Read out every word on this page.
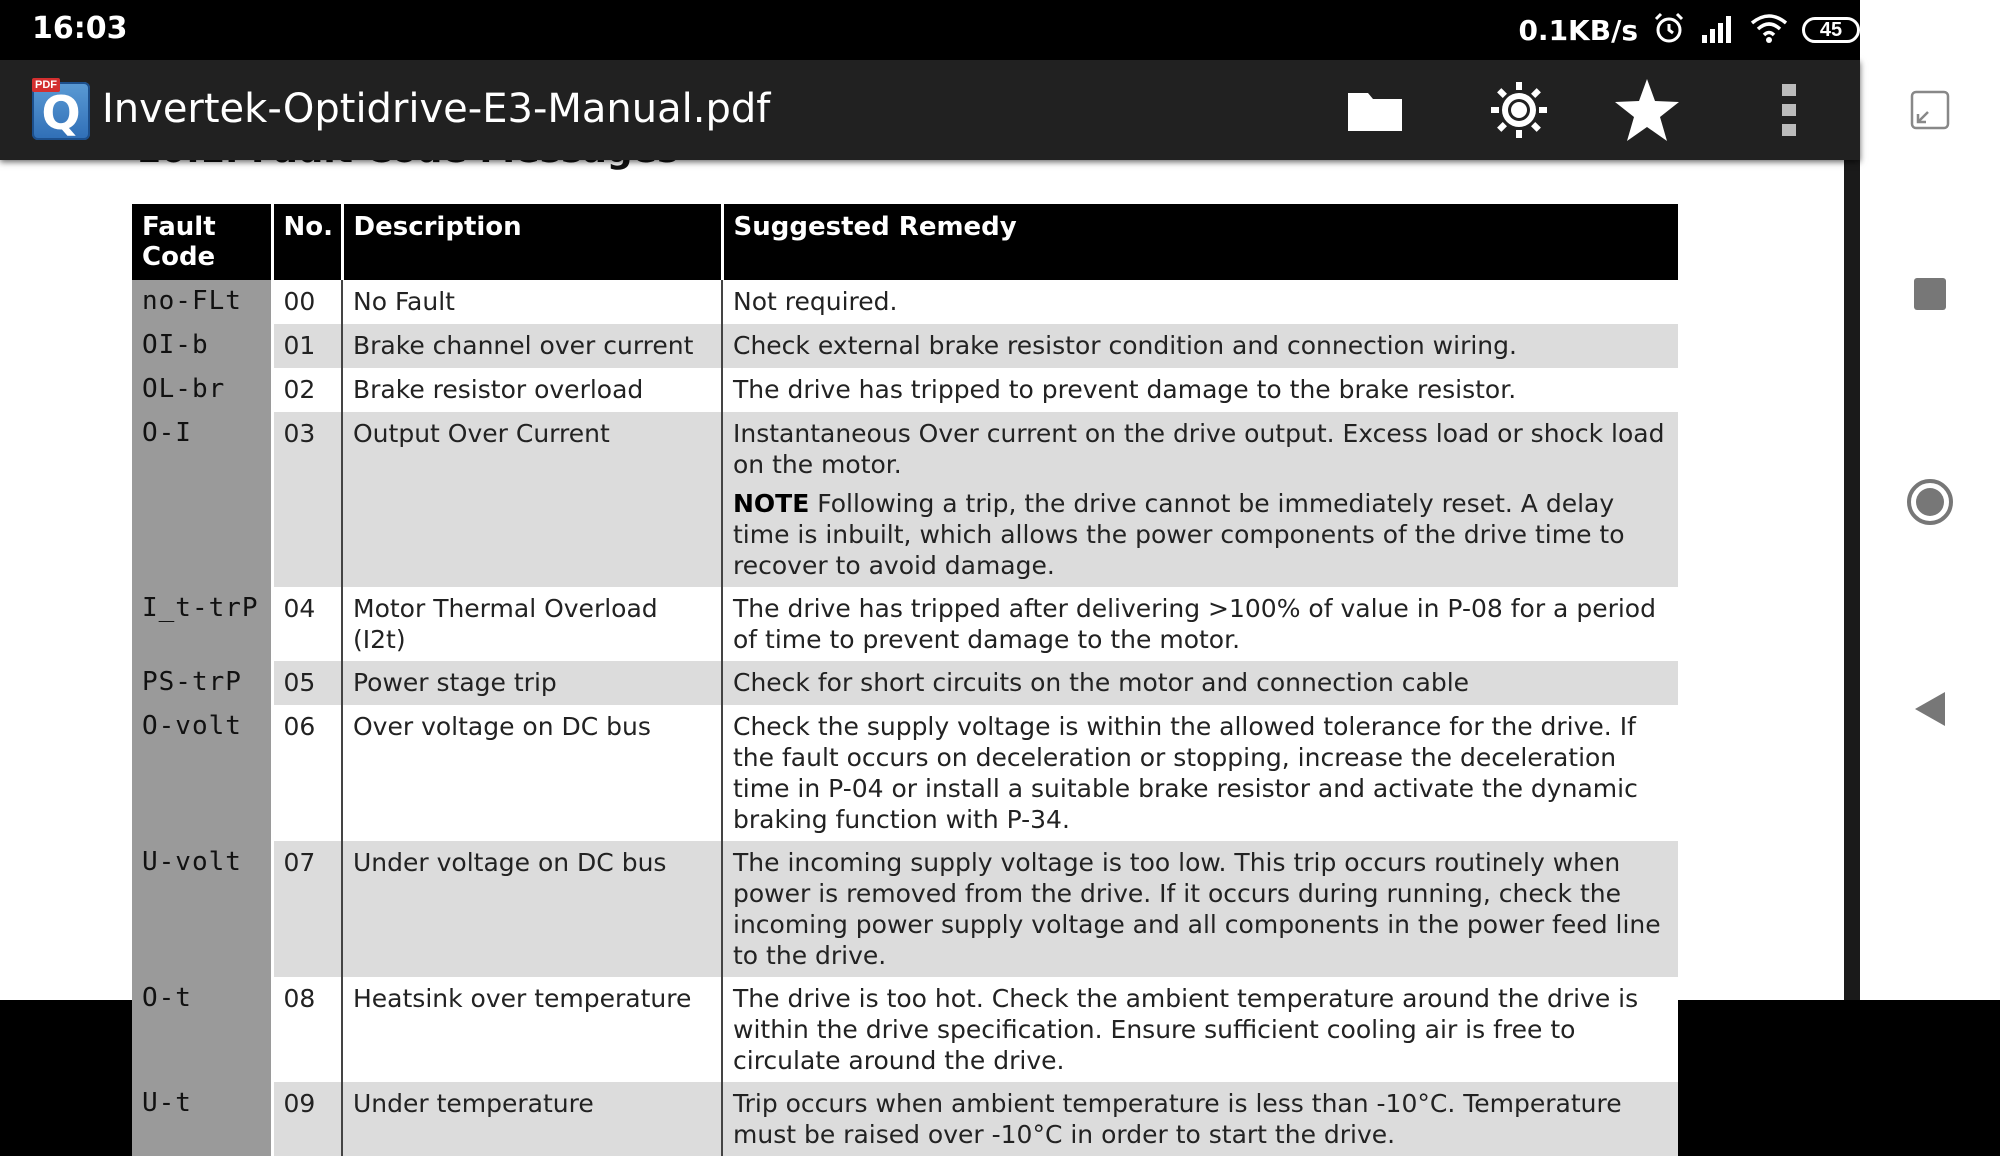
16:03	0.1KB/s	45
PDF
Q Invertek-Optidrive-E3-Manual.pdf
Fault Code	No.	Description	Suggested Remedy
no-FLt	00	No Fault	Not required.
OI-b	01	Brake channel over current	Check external brake resistor condition and connection wiring.
OL-br	02	Brake resistor overload	The drive has tripped to prevent damage to the brake resistor.
O-I	03	Output Over Current	Instantaneous Over current on the drive output. Excess load or shock load on the motor.
NOTE Following a trip, the drive cannot be immediately reset. A delay time is inbuilt, which allows the power components of the drive time to recover to avoid damage.

I_t-trP	04	Motor Thermal Overload (I2t)	The drive has tripped after delivering >100% of value in P-08 for a period of time to prevent damage to the motor.
PS-trP	05	Power stage trip	Check for short circuits on the motor and connection cable
O-volt	06	Over voltage on DC bus	Check the supply voltage is within the allowed tolerance for the drive. If the fault occurs on deceleration or stopping, increase the deceleration time in P-04 or install a suitable brake resistor and activate the dynamic braking function with P-34.
U-volt	07	Under voltage on DC bus	The incoming supply voltage is too low. This trip occurs routinely when power is removed from the drive. If it occurs during running, check the incoming power supply voltage and all components in the power feed line to the drive.
O-t	08	Heatsink over temperature	The drive is too hot. Check the ambient temperature around the drive is within the drive specification. Ensure sufficient cooling air is free to circulate around the drive.
U-t	09	Under temperature	Trip occurs when ambient temperature is less than -10°C. Temperature must be raised over -10°C in order to start the drive.
